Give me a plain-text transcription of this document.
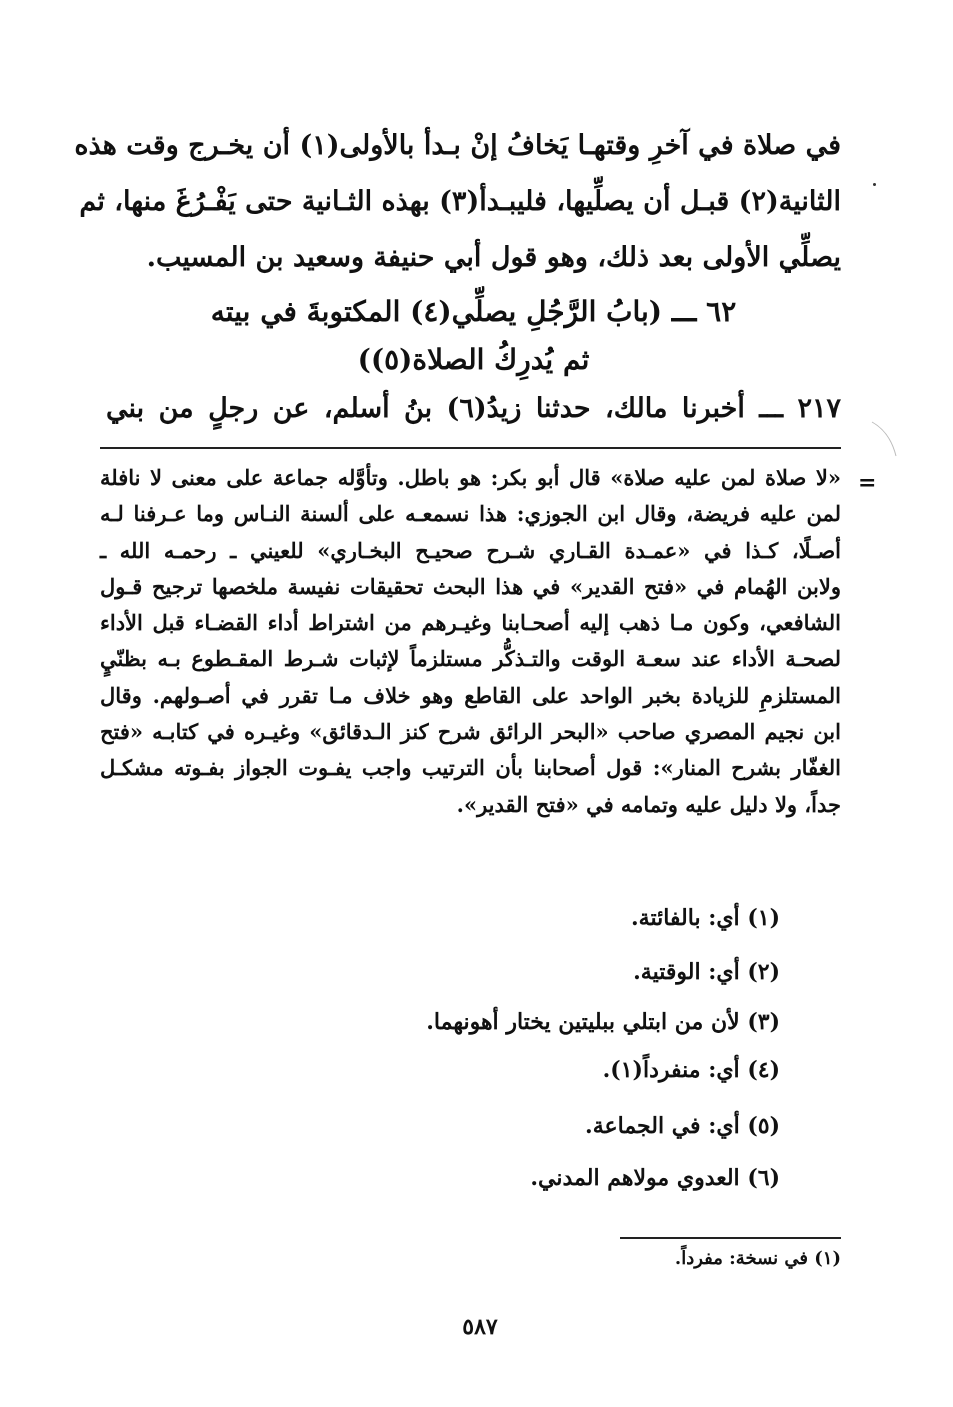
في صلاة في آخرِ وقتهـا يَخافُ إنْ بـدأ بالأولى(١) أن يخـرج وقت هذه
الثانية(٢) قبـل أن يصلِّيها، فليبـدأ(٣) بهذه الثـانية حتى يَفْـرُغَ منها، ثم
يصلِّي الأولى بعد ذلك، وهو قول أبي حنيفة وسعيد بن المسيب.
٦٢ ـــ (بابُ الرَّجُلِ يصلِّي(٤) المكتوبةَ في بيته
ثم يُدرِكُ الصلاة(٥))
٢١٧ ـــ أخبرنا مالك، حدثنا زيدُ(٦) بنُ أسلم، عن رجلٍ من بني
=
«لا صلاة لمن عليه صلاة» قال أبو بكر: هو باطل. وتأوَّله جماعة على معنى لا نافلة
لمن عليه فريضة، وقال ابن الجوزي: هذا نسمعـه على ألسنة النـاس وما عـرفنا لـه
أصـلًا، كـذا في «عمـدة القـاري شـرح صحيـح البخـاري» للعيني ـ رحمـه الله ـ
ولابن الهُمام في «فتح القدير» في هذا البحث تحقيقات نفيسة ملخصها ترجيح قـول
الشافعي، وكون مـا ذهب إليه أصحـابنا وغيـرهم من اشتراط أداء القضـاء قبل الأداء
لصحـة الأداء عند سعـة الوقت والتـذكُّر مستلزماً لإثبات شـرط المقـطوع بـه بظنّيٍ
المستلزمِ للزيادة بخبر الواحد على القاطع وهو خلاف مـا تقرر في أصـولهم. وقال
ابن نجيم المصري صاحب «البحر الرائق شرح كنز الـدقائق» وغيـره في كتابـه «فتح
الغفّار بشرح المنار»: قول أصحابنا بأن الترتيب واجب يفـوت الجواز بفـوته مشكـل
جداً، ولا دليل عليه وتمامه في «فتح القدير».
(١) أي: بالفائتة.
(٢) أي: الوقتية.
(٣) لأن من ابتلي ببليتين يختار أهونهما.
(٤) أي: منفرداً(١).
(٥) أي: في الجماعة.
(٦) العدوي مولاهم المدني.
(١) في نسخة: مفرداً.
٥٨٧
